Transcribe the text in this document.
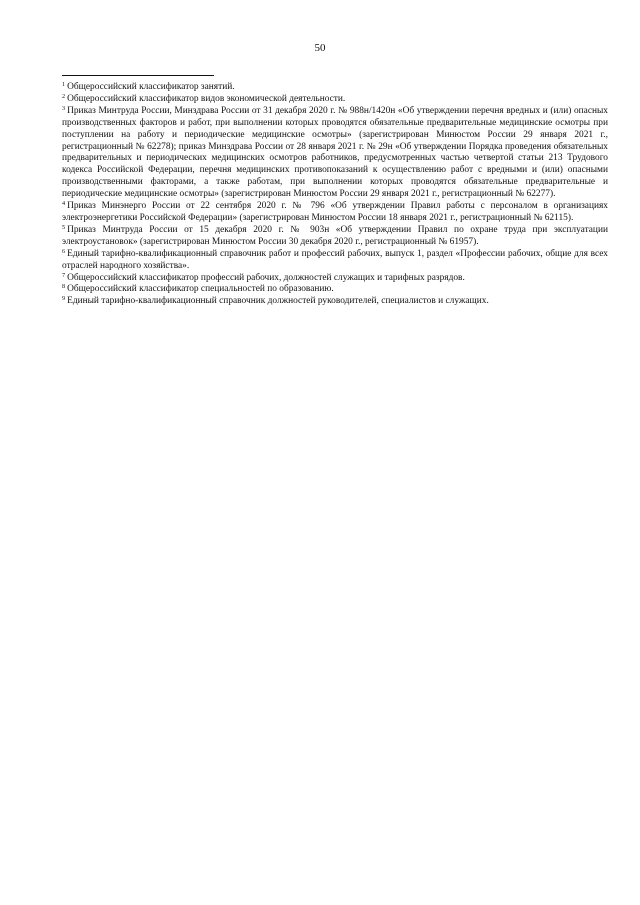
50

$^1$ Общероссийский классификатор занятий.

$^2$ Общероссийский классификатор видов экономической деятельности.

$^3$ Приказ Минтруда России, Минздрава России от 31 декабря 2020 г. № 988н/1420н «Об утверждении перечня вредных и (или) опасных производственных факторов и работ, при выполнении которых проводятся обязательные предварительные медицинские осмотры при поступлении на работу и периодические медицинские осмотры» (зарегистрирован Минюстом России 29 января 2021 г., регистрационный № 62278); приказ Минздрава России от 28 января 2021 г. № 29н «Об утверждении Порядка проведения обязательных предварительных и периодических медицинских осмотров работников, предусмотренных частью четвертой статьи 213 Трудового кодекса Российской Федерации, перечня медицинских противопоказаний к осуществлению работ с вредными и (или) опасными производственными факторами, а также работам, при выполнении которых проводятся обязательные предварительные и периодические медицинские осмотры» (зарегистрирован Минюстом России 29 января 2021 г., регистрационный № 62277).

$^4$ Приказ Минэнерго России от 22 сентября 2020 г. № 796 «Об утверждении Правил работы с персоналом в организациях электроэнергетики Российской Федерации» (зарегистрирован Минюстом России 18 января 2021 г., регистрационный № 62115).

$^5$ Приказ Минтруда России от 15 декабря 2020 г. № 903н «Об утверждении Правил по охране труда при эксплуатации электроустановок» (зарегистрирован Минюстом России 30 декабря 2020 г., регистрационный № 61957).

$^6$ Единый тарифно-квалификационный справочник работ и профессий рабочих, выпуск 1, раздел «Профессии рабочих, общие для всех отраслей народного хозяйства».

$^7$ Общероссийский классификатор профессий рабочих, должностей служащих и тарифных разрядов.

$^8$ Общероссийский классификатор специальностей по образованию.

$^9$ Единый тарифно-квалификационный справочник должностей руководителей, специалистов и служащих.
